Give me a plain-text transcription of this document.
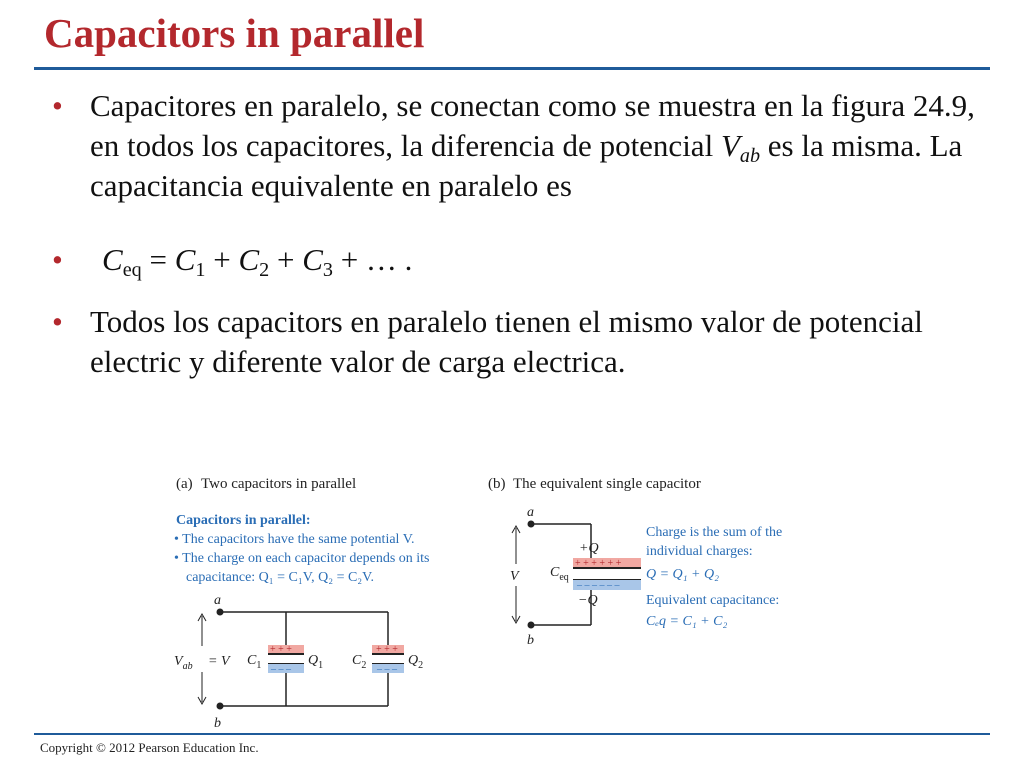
Capacitors in parallel
• Capacitores en paralelo, se conectan como se muestra en la figura 24.9, en todos los capacitores, la diferencia de potencial $V_{ab}$ es la misma. La capacitancia equivalente en paralelo es
• $C_{eq} = C_1 + C_2 + C_3$ + … .
• Todos los capacitors en paralelo tienen el mismo valor de potencial electric y diferente valor de carga electrica.
(a) Two capacitors in parallel
Capacitors in parallel:
• The capacitors have the same potential V.
• The charge on each capacitor depends on its
capacitance: Q₁ = C₁V, Q₂ = C₂V.
a
b
$V_{ab} = V$
+ + +
– – –
$C_1$	$Q_1$
+ + +
– – –
$C_2$	$Q_2$
(b) The equivalent single capacitor
a
b
V
+ + + + + +
– – – – – –
+Q
−Q
$C_{eq}$
Charge is the sum of the
individual charges:
Q = Q₁ + Q₂
Equivalent capacitance:
Cₑq = C₁ + C₂
Copyright © 2012 Pearson Education Inc.
